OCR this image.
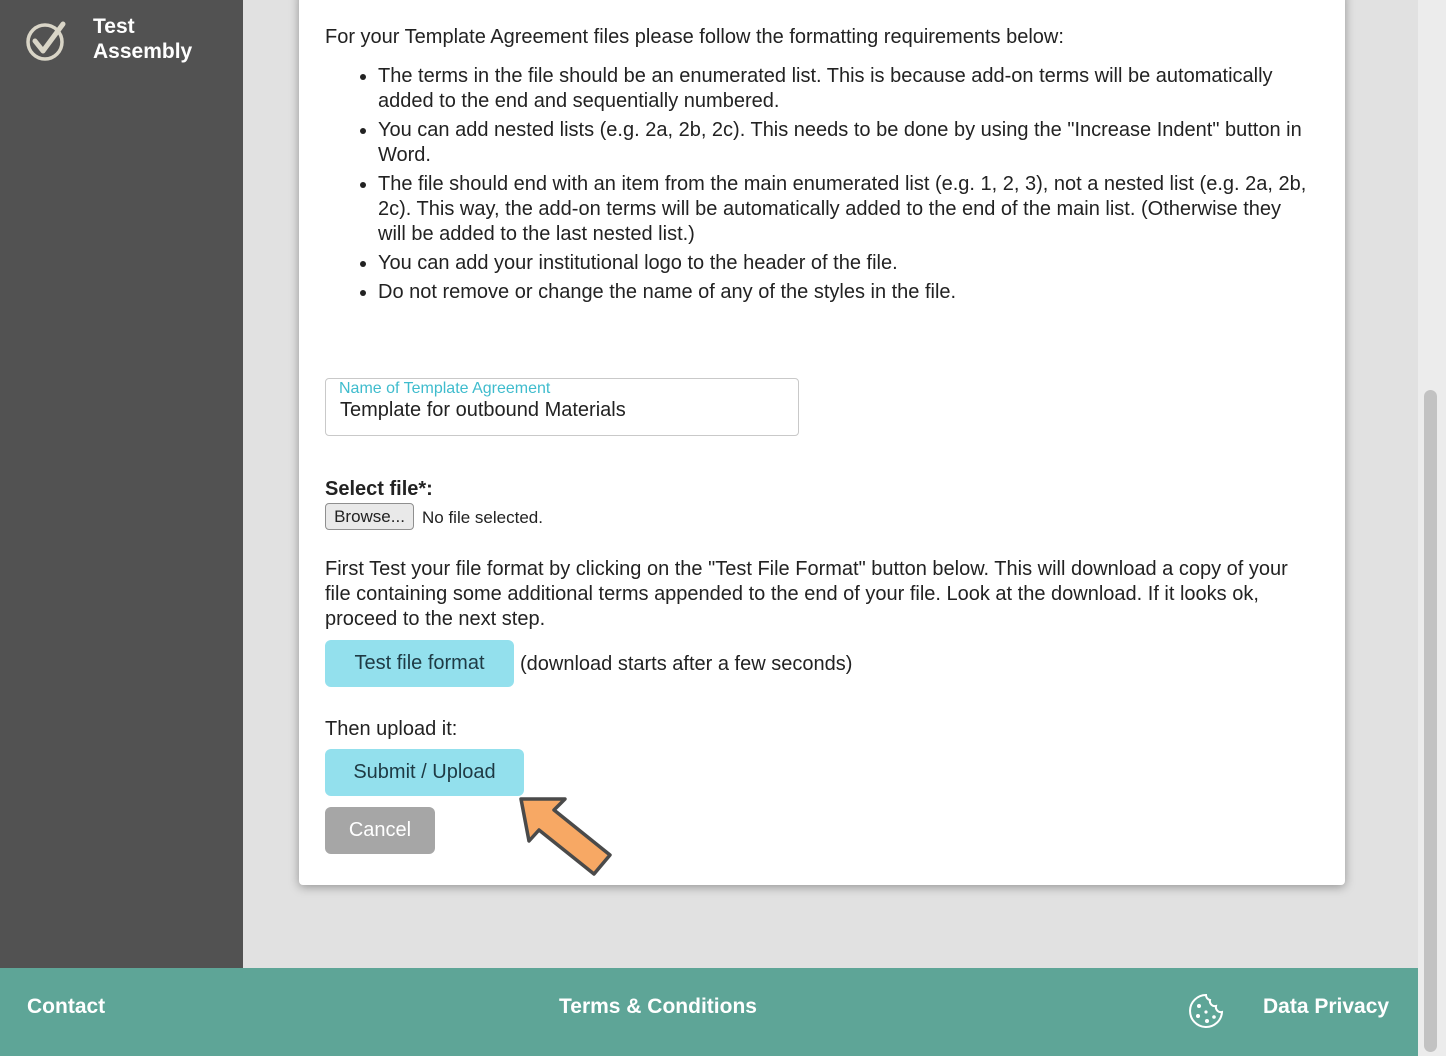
Test Assembly

For your Template Agreement files please follow the formatting requirements below:

• The terms in the file should be an enumerated list. This is because add-on terms will be automatically added to the end and sequentially numbered.
• You can add nested lists (e.g. 2a, 2b, 2c). This needs to be done by using the "Increase Indent" button in Word.
• The file should end with an item from the main enumerated list (e.g. 1, 2, 3), not a nested list (e.g. 2a, 2b, 2c). This way, the add-on terms will be automatically added to the end of the main list. (Otherwise they will be added to the last nested list.)
• You can add your institutional logo to the header of the file.
• Do not remove or change the name of any of the styles in the file.
Name of Template Agreement
Template for outbound Materials
Select file*:
Browse...	No file selected.

First Test your file format by clicking on the "Test File Format" button below. This will download a copy of your file containing some additional terms appended to the end of your file. Look at the download. If it looks ok, proceed to the next step.

Test file format	(download starts after a few seconds)
Then upload it:
Submit / Upload
Cancel
Contact	Terms & Conditions	Data Privacy
